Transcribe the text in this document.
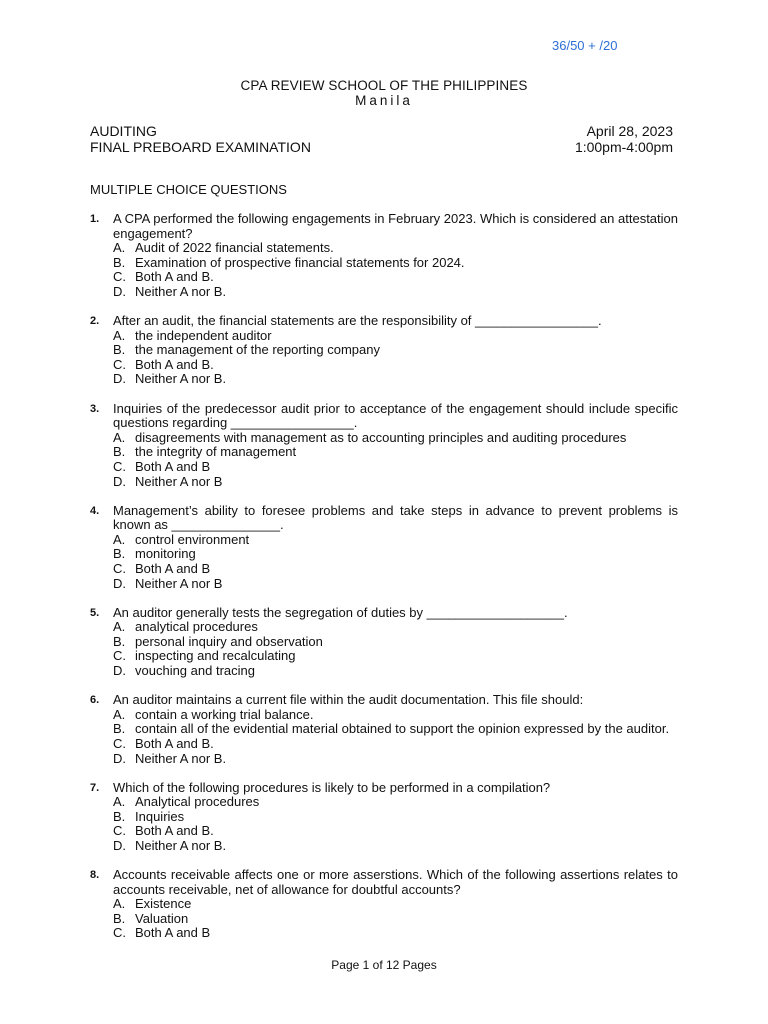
36/50 + /20
CPA REVIEW SCHOOL OF THE PHILIPPINES
Manila
AUDITING	April 28, 2023
FINAL PREBOARD EXAMINATION	1:00pm-4:00pm
MULTIPLE CHOICE QUESTIONS
1.	A CPA performed the following engagements in February 2023. Which is considered an attestation engagement?
A. Audit of 2022 financial statements.
B. Examination of prospective financial statements for 2024.
C. Both A and B.
D. Neither A nor B.
2.	After an audit, the financial statements are the responsibility of _________________.
A. the independent auditor
B. the management of the reporting company
C. Both A and B.
D. Neither A nor B.
3.	Inquiries of the predecessor audit prior to acceptance of the engagement should include specific questions regarding _________________.
A. disagreements with management as to accounting principles and auditing procedures
B. the integrity of management
C. Both A and B
D. Neither A nor B
4.	Management’s ability to foresee problems and take steps in advance to prevent problems is known as _______________.
A. control environment
B. monitoring
C. Both A and B
D. Neither A nor B
5.	An auditor generally tests the segregation of duties by ___________________.
A. analytical procedures
B. personal inquiry and observation
C. inspecting and recalculating
D. vouching and tracing
6.	An auditor maintains a current file within the audit documentation. This file should:
A. contain a working trial balance.
B. contain all of the evidential material obtained to support the opinion expressed by the auditor.
C. Both A and B.
D. Neither A nor B.
7.	Which of the following procedures is likely to be performed in a compilation?
A. Analytical procedures
B. Inquiries
C. Both A and B.
D. Neither A nor B.
8.	Accounts receivable affects one or more asserstions. Which of the following assertions relates to accounts receivable, net of allowance for doubtful accounts?
A. Existence
B. Valuation
C. Both A and B
Page 1 of 12 Pages
